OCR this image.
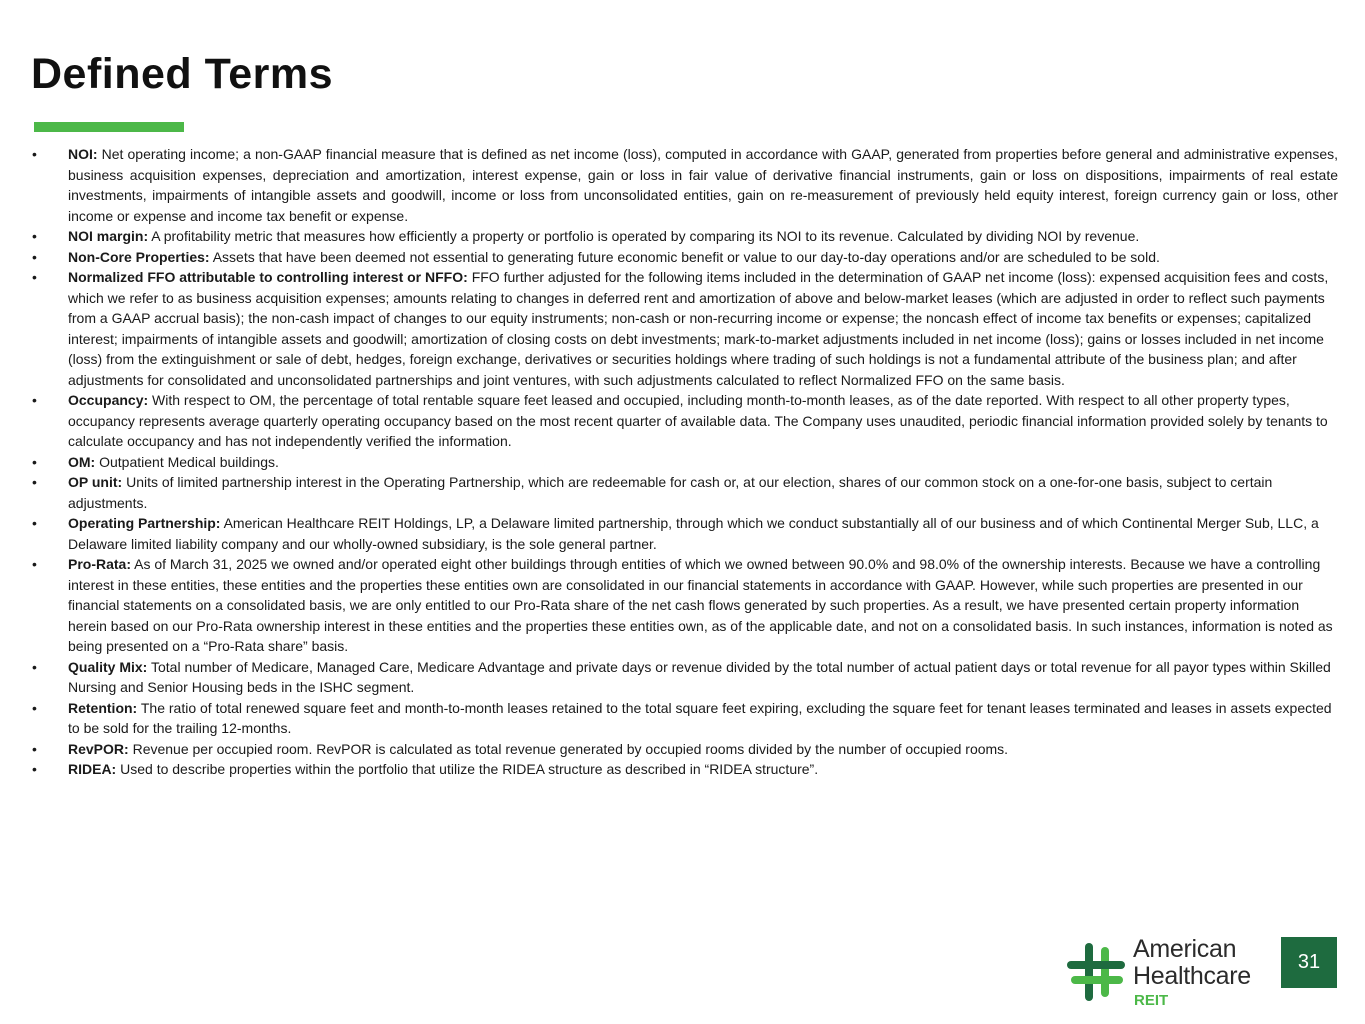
Defined Terms
• NOI: Net operating income; a non-GAAP financial measure that is defined as net income (loss), computed in accordance with GAAP, generated from properties before general and administrative expenses, business acquisition expenses, depreciation and amortization, interest expense, gain or loss in fair value of derivative financial instruments, gain or loss on dispositions, impairments of real estate investments, impairments of intangible assets and goodwill, income or loss from unconsolidated entities, gain on re-measurement of previously held equity interest, foreign currency gain or loss, other income or expense and income tax benefit or expense.
• NOI margin: A profitability metric that measures how efficiently a property or portfolio is operated by comparing its NOI to its revenue. Calculated by dividing NOI by revenue.
• Non-Core Properties: Assets that have been deemed not essential to generating future economic benefit or value to our day-to-day operations and/or are scheduled to be sold.
• Normalized FFO attributable to controlling interest or NFFO: FFO further adjusted for the following items included in the determination of GAAP net income (loss): expensed acquisition fees and costs, which we refer to as business acquisition expenses; amounts relating to changes in deferred rent and amortization of above and below-market leases (which are adjusted in order to reflect such payments from a GAAP accrual basis); the non-cash impact of changes to our equity instruments; non-cash or non-recurring income or expense; the noncash effect of income tax benefits or expenses; capitalized interest; impairments of intangible assets and goodwill; amortization of closing costs on debt investments; mark-to-market adjustments included in net income (loss); gains or losses included in net income (loss) from the extinguishment or sale of debt, hedges, foreign exchange, derivatives or securities holdings where trading of such holdings is not a fundamental attribute of the business plan; and after adjustments for consolidated and unconsolidated partnerships and joint ventures, with such adjustments calculated to reflect Normalized FFO on the same basis.
• Occupancy: With respect to OM, the percentage of total rentable square feet leased and occupied, including month-to-month leases, as of the date reported. With respect to all other property types, occupancy represents average quarterly operating occupancy based on the most recent quarter of available data. The Company uses unaudited, periodic financial information provided solely by tenants to calculate occupancy and has not independently verified the information.
• OM: Outpatient Medical buildings.
• OP unit: Units of limited partnership interest in the Operating Partnership, which are redeemable for cash or, at our election, shares of our common stock on a one-for-one basis, subject to certain adjustments.
• Operating Partnership: American Healthcare REIT Holdings, LP, a Delaware limited partnership, through which we conduct substantially all of our business and of which Continental Merger Sub, LLC, a Delaware limited liability company and our wholly-owned subsidiary, is the sole general partner.
• Pro-Rata: As of March 31, 2025 we owned and/or operated eight other buildings through entities of which we owned between 90.0% and 98.0% of the ownership interests. Because we have a controlling interest in these entities, these entities and the properties these entities own are consolidated in our financial statements in accordance with GAAP. However, while such properties are presented in our financial statements on a consolidated basis, we are only entitled to our Pro-Rata share of the net cash flows generated by such properties. As a result, we have presented certain property information herein based on our Pro-Rata ownership interest in these entities and the properties these entities own, as of the applicable date, and not on a consolidated basis. In such instances, information is noted as being presented on a “Pro-Rata share” basis.
• Quality Mix: Total number of Medicare, Managed Care, Medicare Advantage and private days or revenue divided by the total number of actual patient days or total revenue for all payor types within Skilled Nursing and Senior Housing beds in the ISHC segment.
• Retention: The ratio of total renewed square feet and month-to-month leases retained to the total square feet expiring, excluding the square feet for tenant leases terminated and leases in assets expected to be sold for the trailing 12-months.
• RevPOR: Revenue per occupied room. RevPOR is calculated as total revenue generated by occupied rooms divided by the number of occupied rooms.
• RIDEA: Used to describe properties within the portfolio that utilize the RIDEA structure as described in “RIDEA structure”.
American
Healthcare
REIT
31
